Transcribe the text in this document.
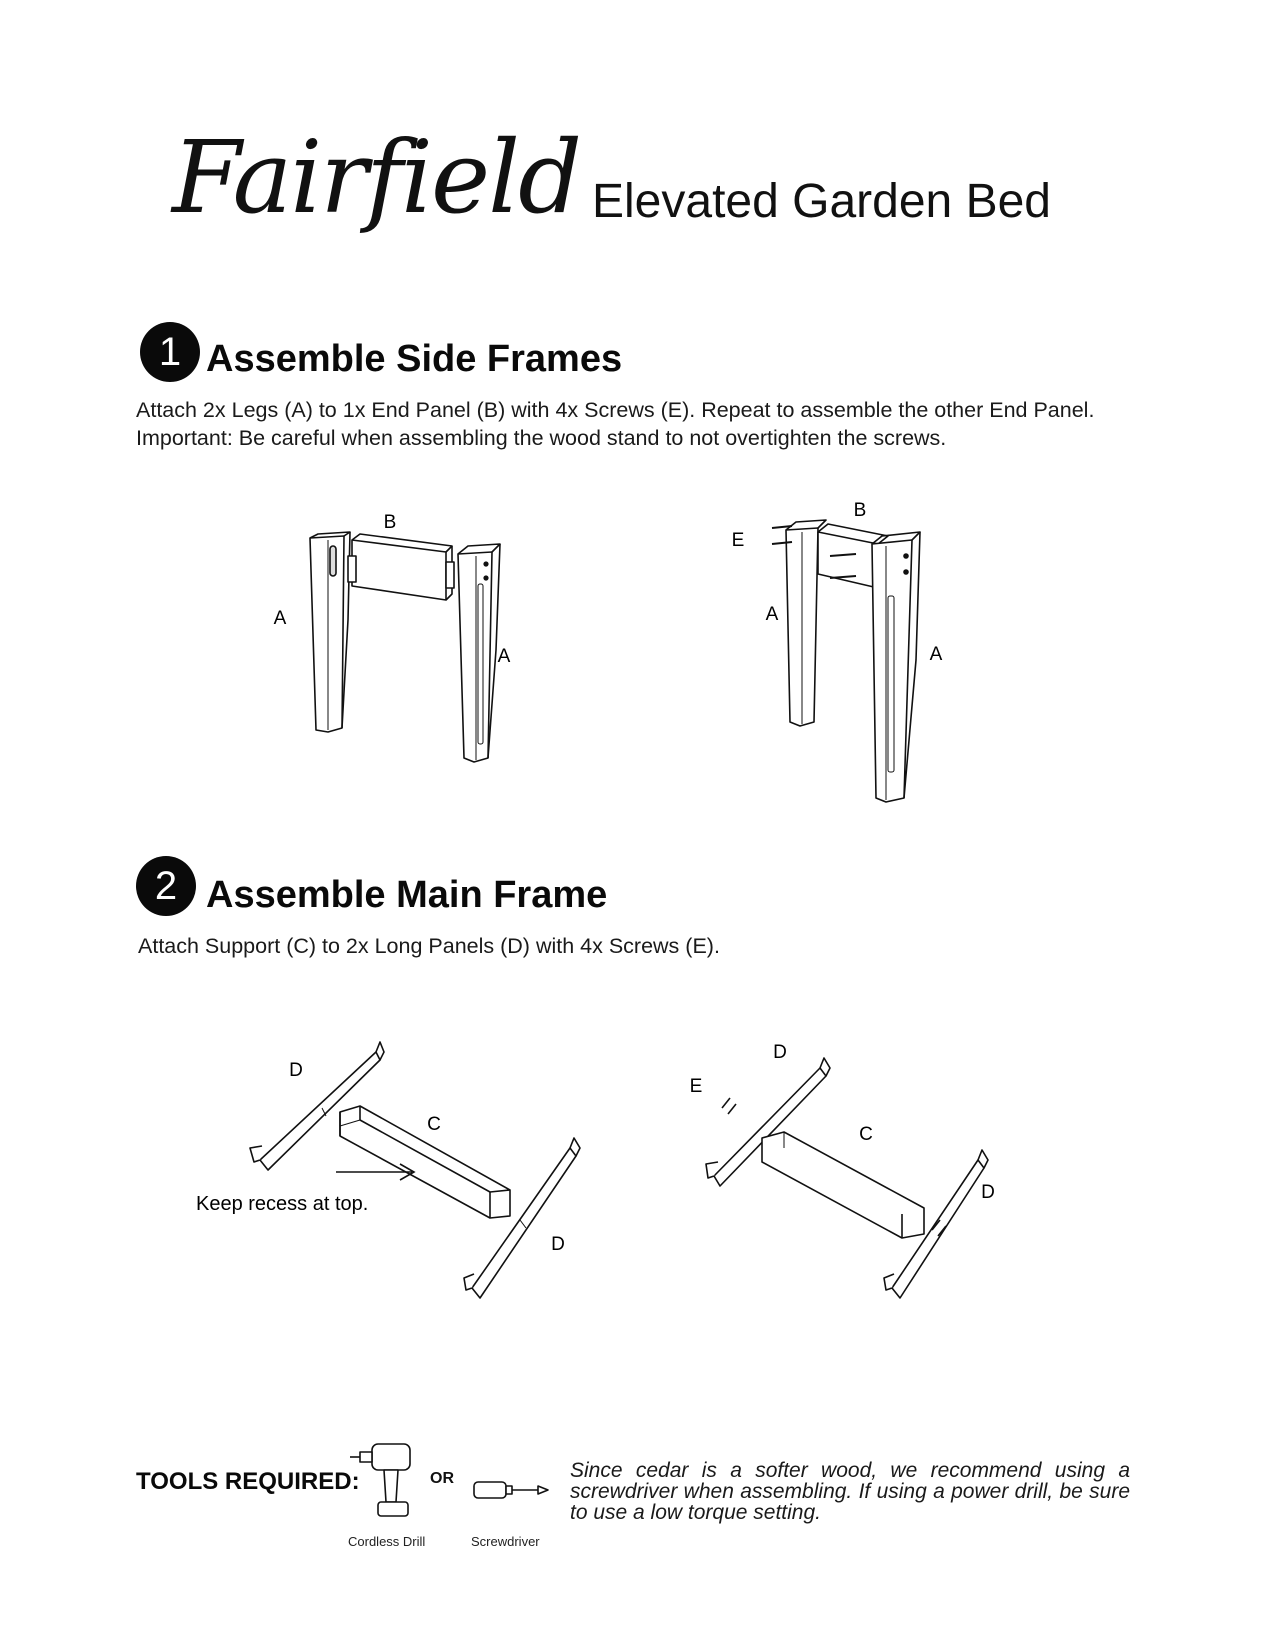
Fairfield Elevated Garden Bed
1 Assemble Side Frames
Attach 2x Legs (A) to 1x End Panel (B) with 4x Screws (E). Repeat to assemble the other End Panel.
Important: Be careful when assembling the wood stand to not overtighten the screws.
B
A
A
B
E
A
A
2 Assemble Main Frame
Attach Support (C) to 2x Long Panels (D) with 4x Screws (E).
D
C
D
Keep recess at top.
D
E
C
D
TOOLS REQUIRED:	OR
Cordless Drill	Screwdriver
Since cedar is a softer wood, we recommend using a screwdriver when assembling. If using a power drill, be sure to use a low torque setting.
